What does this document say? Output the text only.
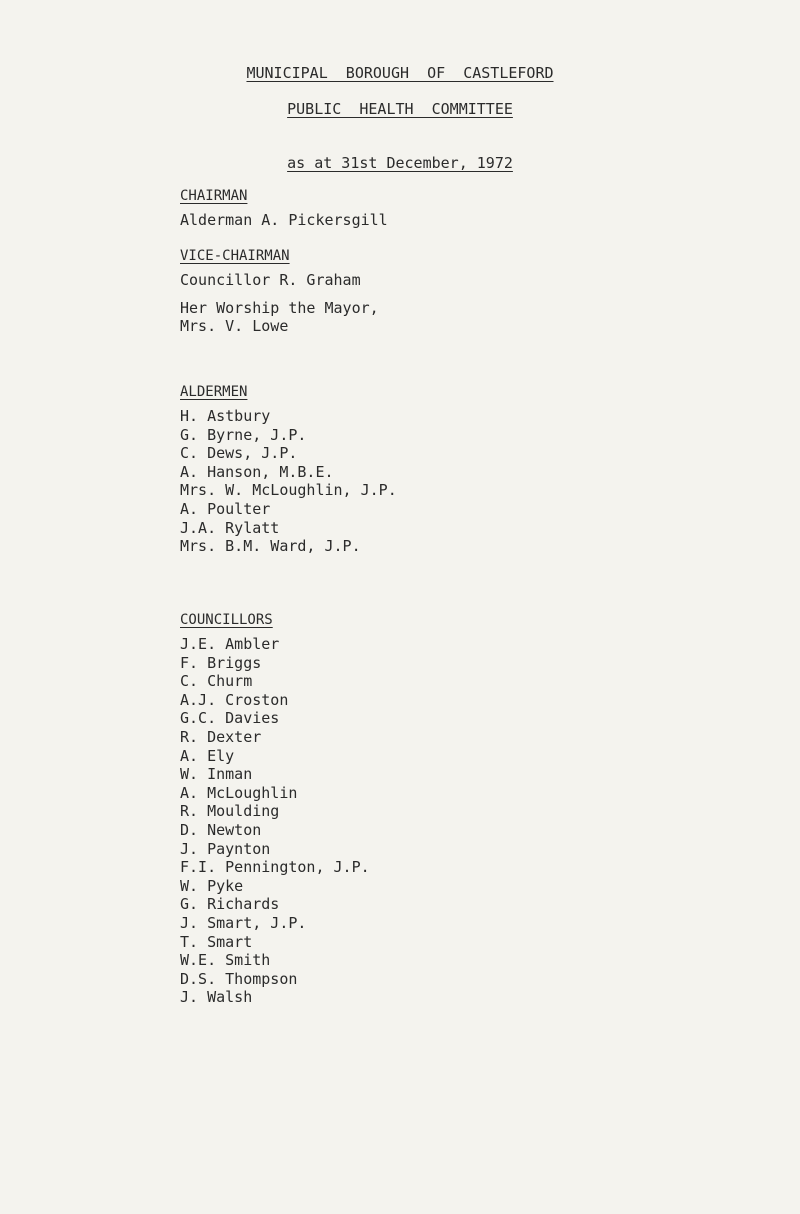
MUNICIPAL  BOROUGH  OF  CASTLEFORD
PUBLIC  HEALTH  COMMITTEE
as at 31st December, 1972
CHAIRMAN
Alderman A. Pickersgill
VICE-CHAIRMAN
Councillor R. Graham
Her Worship the Mayor,
Mrs. V. Lowe
ALDERMEN
H. Astbury
G. Byrne, J.P.
C. Dews, J.P.
A. Hanson, M.B.E.
Mrs. W. McLoughlin, J.P.
A. Poulter
J.A. Rylatt
Mrs. B.M. Ward, J.P.
COUNCILLORS
J.E. Ambler
F. Briggs
C. Churm
A.J. Croston
G.C. Davies
R. Dexter
A. Ely
W. Inman
A. McLoughlin
R. Moulding
D. Newton
J. Paynton
F.I. Pennington, J.P.
W. Pyke
G. Richards
J. Smart, J.P.
T. Smart
W.E. Smith
D.S. Thompson
J. Walsh
